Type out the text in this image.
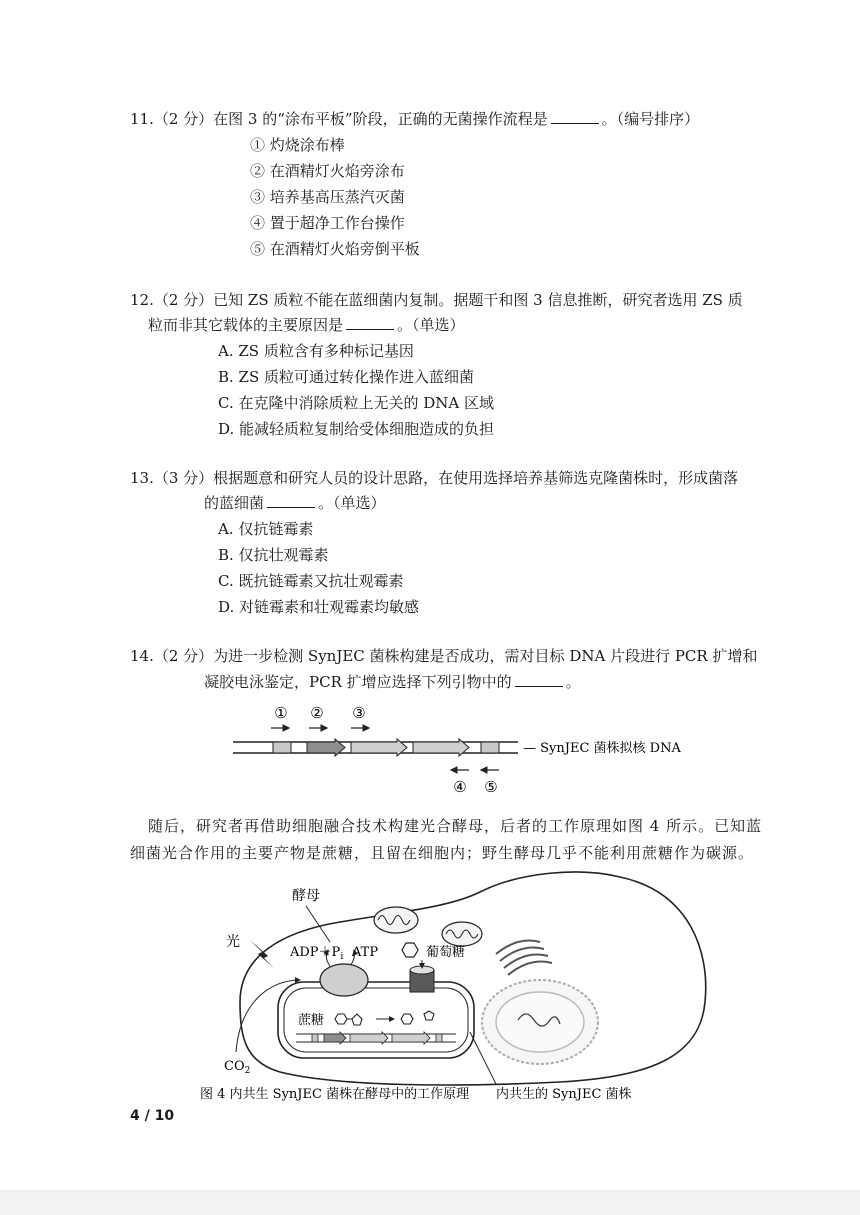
11.（2 分）在图 3 的“涂布平板”阶段，正确的无菌操作流程是	。（编号排序）
① 灼烧涂布棒
② 在酒精灯火焰旁涂布
③ 培养基高压蒸汽灭菌
④ 置于超净工作台操作
⑤ 在酒精灯火焰旁倒平板
12.（2 分）已知 ZS 质粒不能在蓝细菌内复制。据题干和图 3 信息推断，研究者选用 ZS 质
粒而非其它载体的主要原因是	。（单选）
A. ZS 质粒含有多种标记基因
B. ZS 质粒可通过转化操作进入蓝细菌
C. 在克隆中消除质粒上无关的 DNA 区域
D. 能减轻质粒复制给受体细胞造成的负担
13.（3 分）根据题意和研究人员的设计思路，在使用选择培养基筛选克隆菌株时，形成菌落
的蓝细菌	。（单选）
A. 仅抗链霉素
B. 仅抗壮观霉素
C. 既抗链霉素又抗壮观霉素
D. 对链霉素和壮观霉素均敏感
14.（2 分）为进一步检测 SynJEC 菌株构建是否成功，需对目标 DNA 片段进行 PCR 扩增和
凝胶电泳鉴定，PCR 扩增应选择下列引物中的	。
① ② ③
— SynJEC 菌株拟核 DNA
④ ⑤
随后，研究者再借助细胞融合技术构建光合酵母，后者的工作原理如图 4 所示。已知蓝
细菌光合作用的主要产物是蔗糖，且留在细胞内；野生酵母几乎不能利用蔗糖作为碳源。
酵母
光
$ADP+P_i$ ATP	葡萄糖
$CO_2$
蔗糖
图 4 内共生 SynJEC 菌株在酵母中的工作原理 内共生的 SynJEC 菌株
4 / 10
